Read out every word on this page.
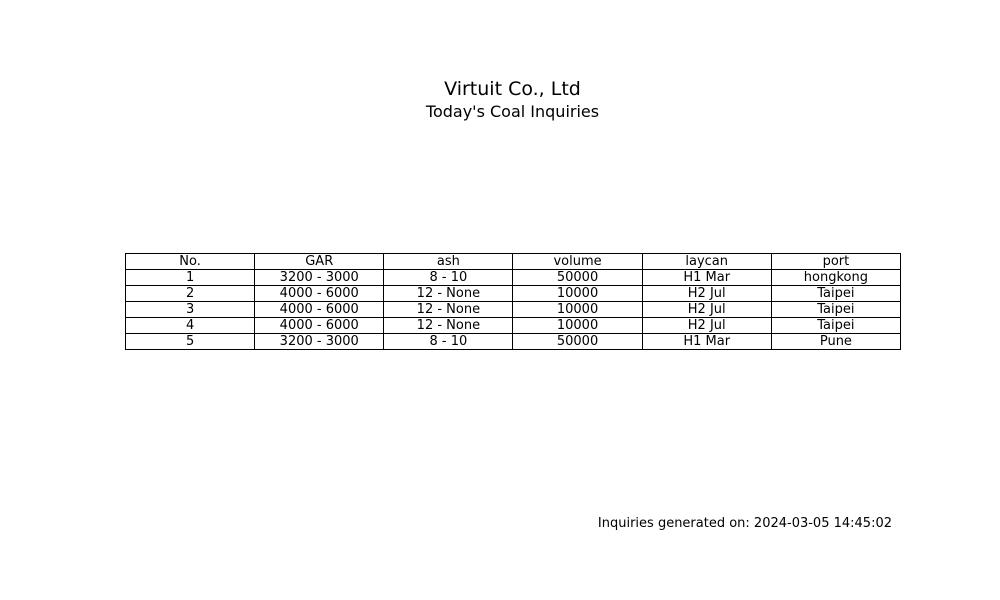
Virtuit Co., Ltd
Today's Coal Inquiries
No.	GAR	ash	volume	laycan	port
1	3200 - 3000	8 - 10	50000	H1 Mar	hongkong
2	4000 - 6000	12 - None	10000	H2 Jul	Taipei
3	4000 - 6000	12 - None	10000	H2 Jul	Taipei
4	4000 - 6000	12 - None	10000	H2 Jul	Taipei
5	3200 - 3000	8 - 10	50000	H1 Mar	Pune
Inquiries generated on: 2024-03-05 14:45:02
